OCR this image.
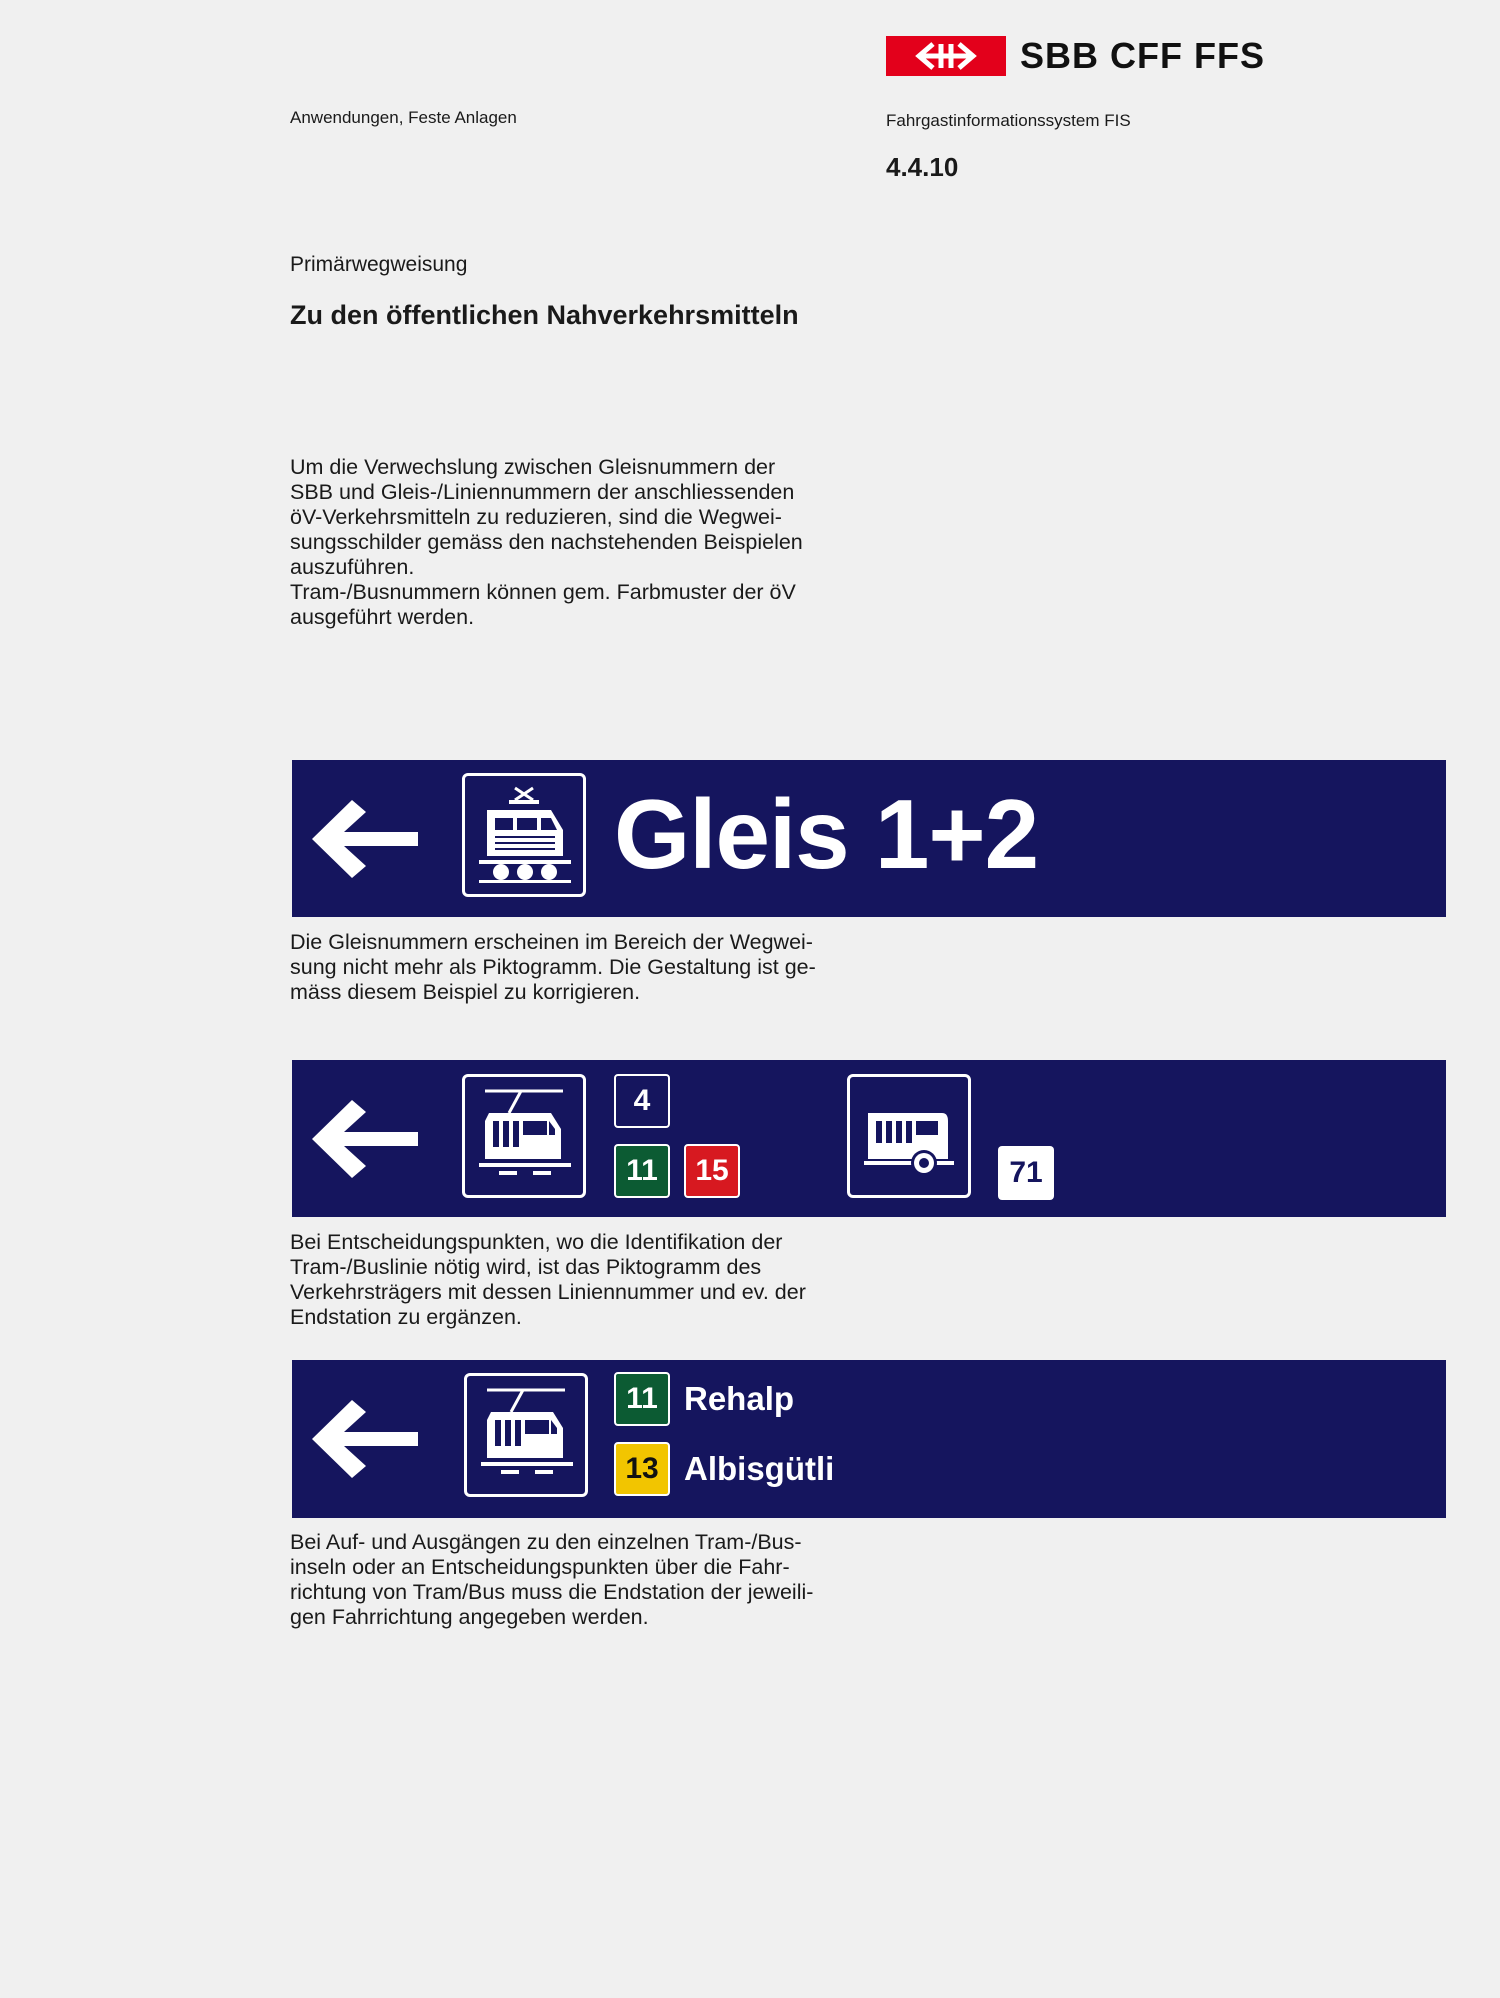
SBB CFF FFS
Anwendungen, Feste Anlagen	Fahrgastinformationssystem FIS
4.4.10
Primärwegweisung
Zu den öffentlichen Nahverkehrsmitteln

Um die Verwechslung zwischen Gleisnummern der

SBB und Gleis-/Liniennummern der anschliessenden

öV-Verkehrsmitteln zu reduzieren, sind die Wegwei-

sungsschilder gemäss den nachstehenden Beispielen

auszuführen.

Tram-/Busnummern können gem. Farbmuster der öV

ausgeführt werden.

Gleis 1+2

Die Gleisnummern erscheinen im Bereich der Wegwei-

sung nicht mehr als Piktogramm. Die Gestaltung ist ge-

mäss diesem Beispiel zu korrigieren.

4
11	15	71

Bei Entscheidungspunkten, wo die Identifikation der

Tram-/Buslinie nötig wird, ist das Piktogramm des

Verkehrsträgers mit dessen Liniennummer und ev. der

Endstation zu ergänzen.

11 Rehalp
13 Albisgütli

Bei Auf- und Ausgängen zu den einzelnen Tram-/Bus-

inseln oder an Entscheidungspunkten über die Fahr-

richtung von Tram/Bus muss die Endstation der jeweili-

gen Fahrrichtung angegeben werden.
